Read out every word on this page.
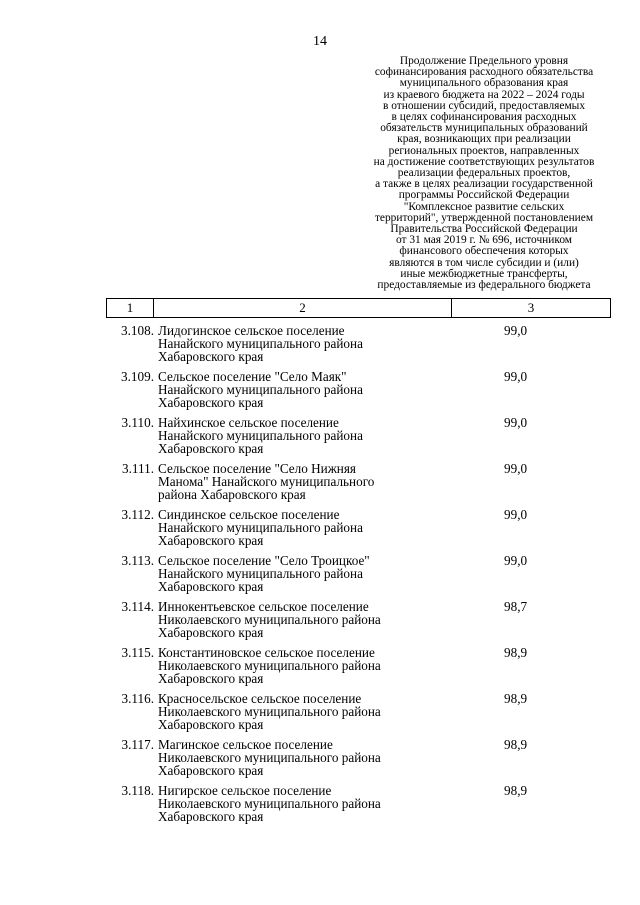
14
Продолжение Предельного уровня
софинансирования расходного обязательства
муниципального образования края
из краевого бюджета на 2022 – 2024 годы
в отношении субсидий, предоставляемых
в целях софинансирования расходных
обязательств муниципальных образований
края, возникающих при реализации
региональных проектов, направленных
на достижение соответствующих результатов
реализации федеральных проектов,
а также в целях реализации государственной
программы Российской Федерации
"Комплексное развитие сельских
территорий", утвержденной постановлением
Правительства Российской Федерации
от 31 мая 2019 г. № 696, источником
финансового обеспечения которых
являются в том числе субсидии и (или)
иные межбюджетные трансферты,
предоставляемые из федерального бюджета
1	2	3
3.108. Лидогинское сельское поселение
Нанайского муниципального района
Хабаровского края
99,0
3.109. Сельское поселение "Село Маяк"
Нанайского муниципального района
Хабаровского края
99,0
3.110. Найхинское сельское поселение
Нанайского муниципального района
Хабаровского края
99,0
3.111. Сельское поселение "Село Нижняя
Манома" Нанайского муниципального
района Хабаровского края
99,0
3.112. Синдинское сельское поселение
Нанайского муниципального района
Хабаровского края
99,0
3.113. Сельское поселение "Село Троицкое"
Нанайского муниципального района
Хабаровского края
99,0
3.114. Иннокентьевское сельское поселение
Николаевского муниципального района
Хабаровского края
98,7
3.115. Константиновское сельское поселение
Николаевского муниципального района
Хабаровского края
98,9
3.116. Красносельское сельское поселение
Николаевского муниципального района
Хабаровского края
98,9
3.117. Магинское сельское поселение
Николаевского муниципального района
Хабаровского края
98,9
3.118. Нигирское сельское поселение
Николаевского муниципального района
Хабаровского края
98,9
